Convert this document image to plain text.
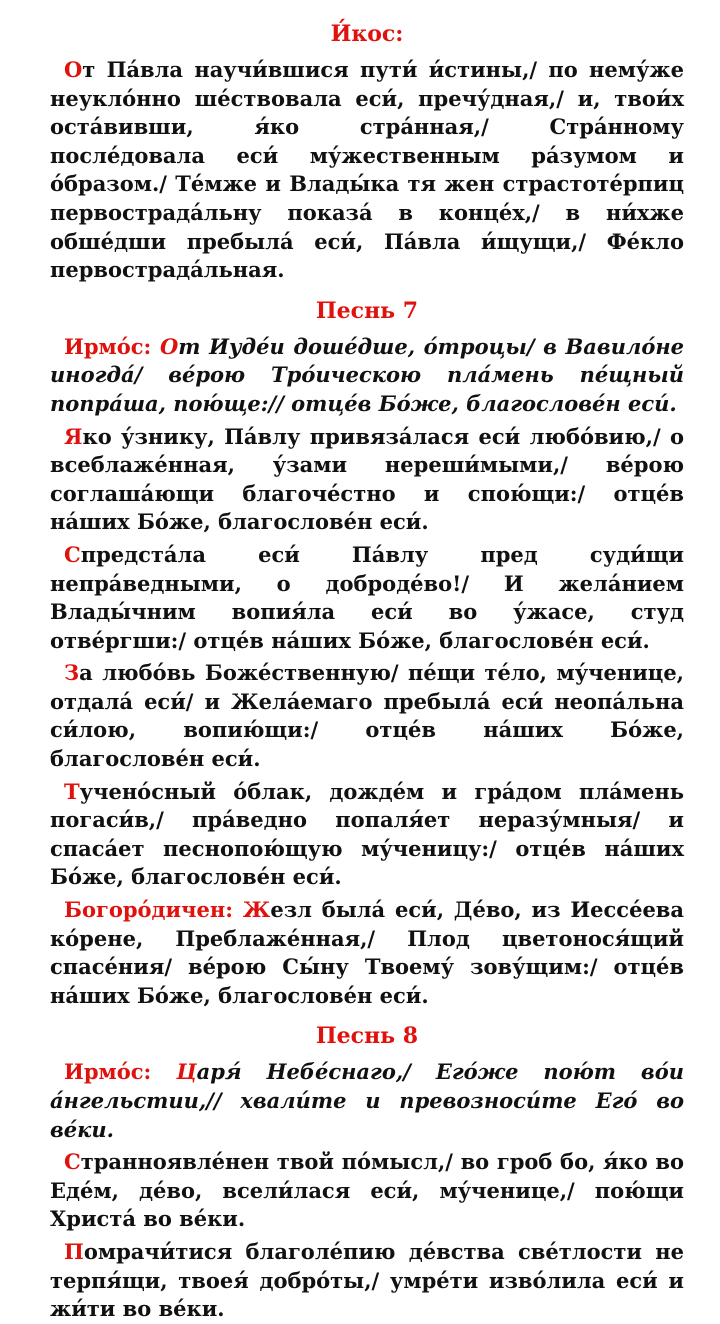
И́кос:

От Па́вла научи́вшися пути́ и́стины,/ по нему́же неукло́нно ше́ствовала еси́, пречу́дная,/ и, твои́х оста́вивши, я́ко стра́нная,/ Стра́нному после́довала еси́ му́жественным ра́зумом и о́бразом./ Те́мже и Влады́ка тя жен страстоте́рпиц первострада́льну показа́ в конце́х,/ в ни́хже обше́дши пребыла́ еси́, Па́вла и́щущи,/ Фе́кло первострада́льная.

Песнь 7

Ирмо́с: От Иуде́и доше́дше, о́троцы/ в Вавило́не иногда́/ ве́рою Тро́ическою пла́мень пе́щный попра́ша, пою́ще:// отце́в Бо́же, благослове́н еси́.

Яко у́знику, Па́влу привяза́лася еси́ любо́вию,/ о всеблаже́нная, у́зами нереши́мыми,/ ве́рою соглаша́ющи благоче́стно и спою́щи:/ отце́в на́ших Бо́же, благослове́н еси́.

Спредста́ла еси́ Па́влу пред суди́щи непра́ведными, о доброде́во!/ И жела́нием Влады́чним вопия́ла еси́ во у́жасе, студ отве́ргши:/ отце́в на́ших Бо́же, благослове́н еси́.

За любо́вь Боже́ственную/ пе́щи те́ло, му́ченице, отдала́ еси́/ и Жела́емаго пребыла́ еси́ неопа́льна си́лою, вопию́щи:/ отце́в на́ших Бо́же, благослове́н еси́.

Тучено́сный о́блак, дожде́м и гра́дом пла́мень погаси́в,/ пра́ведно попаля́ет неразу́мныя/ и спаса́ет песнопою́щую му́ченицу:/ отце́в на́ших Бо́же, благослове́н еси́.

Богоро́дичен: Жезл была́ еси́, Де́во, из Иессе́ева ко́рене, Преблаже́нная,/ Плод цветонося́щий спасе́ния/ ве́рою Сы́ну Твоему́ зову́щим:/ отце́в на́ших Бо́же, благослове́н еси́.

Песнь 8

Ирмо́с: Царя́ Небе́снаго,/ Его́же пою́т во́и а́нгельстии,// хвали́те и превозноси́те Его́ во ве́ки.

Странноявле́нен твой по́мысл,/ во гроб бо, я́ко во Еде́м, де́во, всели́лася еси́, му́ченице,/ пою́щи Христа́ во ве́ки.

Помрачи́тися благоле́пию де́вства све́тлости не терпя́щи, твоея́ добро́ты,/ умре́ти изво́лила еси́ и жи́ти во ве́ки.
